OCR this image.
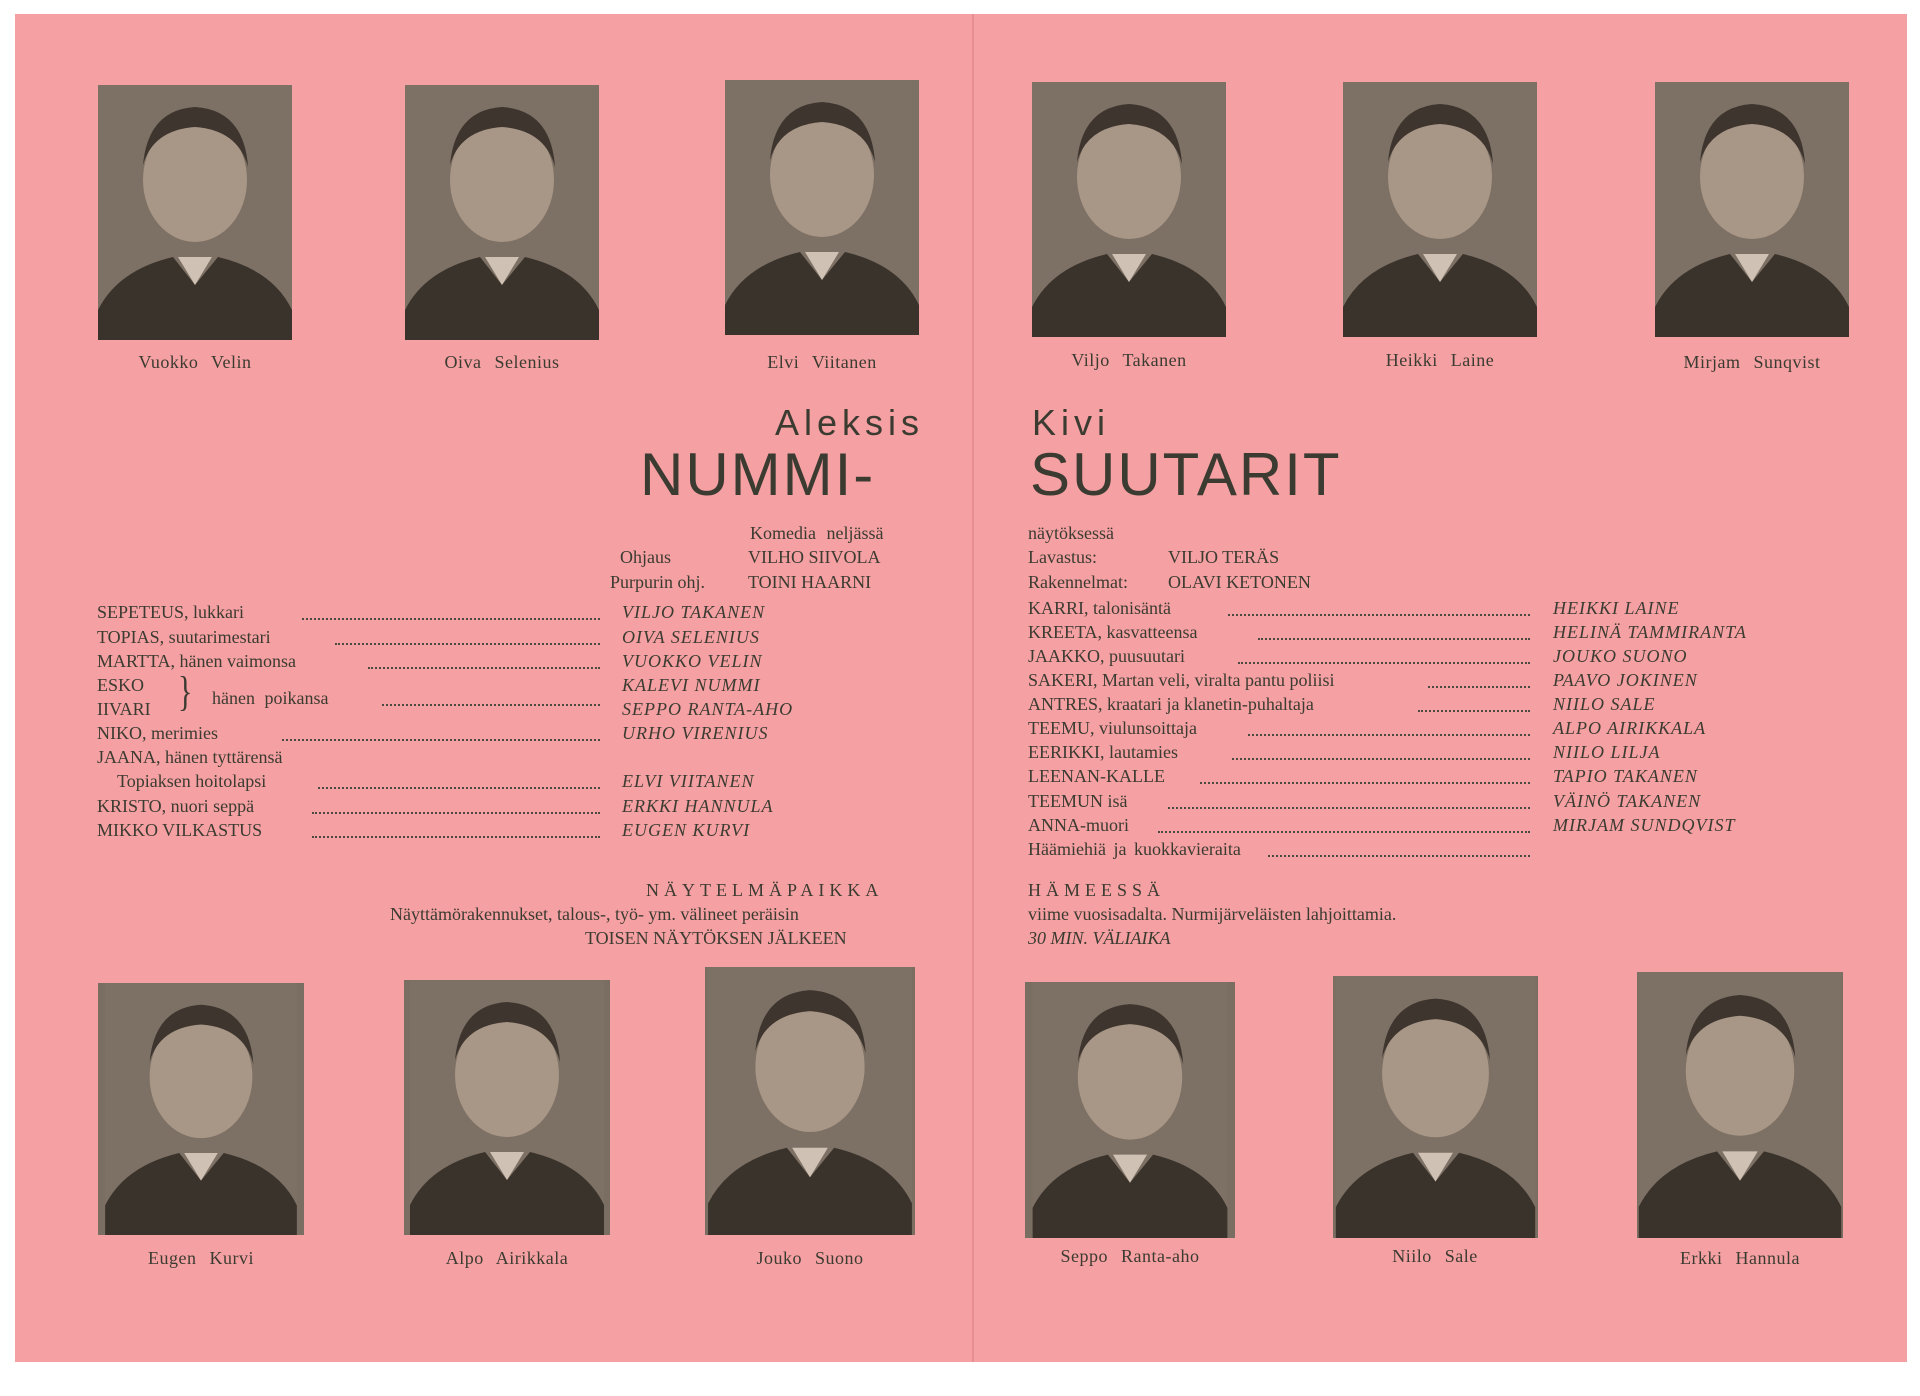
Vuokko Velin	Oiva Selenius	Elvi Viitanen	Viljo Takanen	Heikki Laine	Mirjam Sunqvist
Aleksis	Kivi
NUMMI-	SUUTARIT
Komedia neljässä	näytöksessä
Ohjaus	VILHO SIIVOLA
Purpurin ohj. TOINI HAARNI
Lavastus:	VILJO TERÄS
Rakennelmat: OLAVI KETONEN
SEPETEUS, lukkari	VILJO TAKANEN
TOPIAS, suutarimestari	OIVA SELENIUS
MARTTA, hänen vaimonsa	VUOKKO VELIN
ESKO	KALEVI NUMMI
} hänen poikansa
IIVARI	SEPPO RANTA-AHO
NIKO, merimies	URHO VIRENIUS
JAANA, hänen tyttärensä
Topiaksen hoitolapsi	ELVI VIITANEN
KRISTO, nuori seppä	ERKKI HANNULA
MIKKO VILKASTUS	EUGEN KURVI
KARRI, talonisäntä	HEIKKI LAINE
KREETA, kasvatteensa	HELINÄ TAMMIRANTA
JAAKKO, puusuutari	JOUKO SUONO
SAKERI, Martan veli, viralta pantu poliisi	PAAVO JOKINEN
ANTRES, kraatari ja klanetin-puhaltaja	NIILO SALE
TEEMU, viulunsoittaja	ALPO AIRIKKALA
EERIKKI, lautamies	NIILO LILJA
LEENAN-KALLE	TAPIO TAKANEN
TEEMUN isä	VÄINÖ TAKANEN
ANNA-muori	MIRJAM SUNDQVIST
Häämiehiä ja kuokkavieraita
NÄYTELMÄPAIKKA	HÄMEESSÄ
Näyttämörakennukset, talous-, työ- ym. välineet peräisin	viime vuosisadalta. Nurmijärveläisten lahjoittamia.
TOISEN NÄYTÖKSEN JÄLKEEN	30 MIN. VÄLIAIKA
Eugen Kurvi	Alpo Airikkala	Jouko Suono	Seppo Ranta-aho	Niilo Sale	Erkki Hannula
